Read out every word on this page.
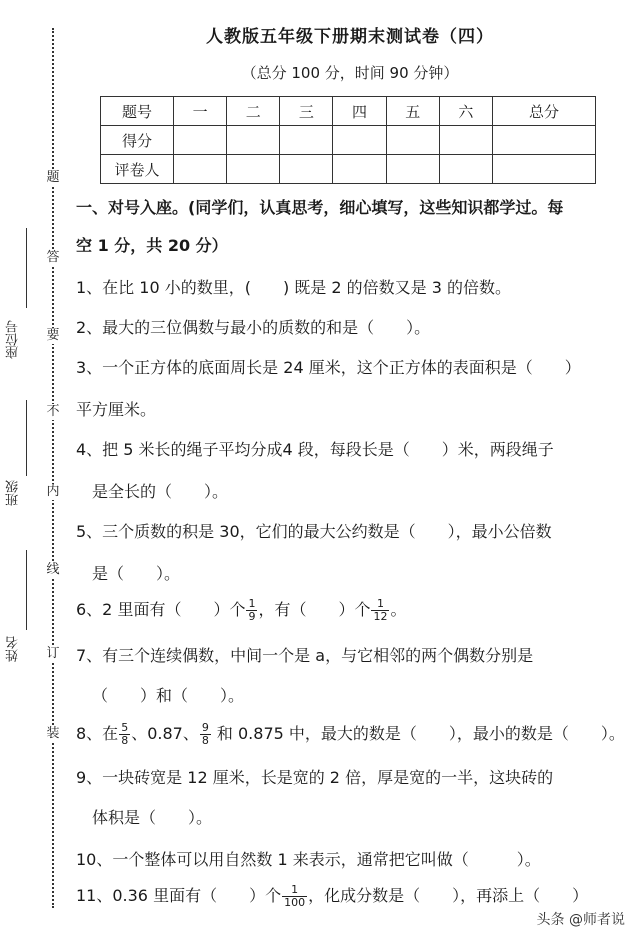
题
答
要
不
内
线
订
装
座位号
班级
姓名
人教版五年级下册期末测试卷（四）
（总分 100 分，时间 90 分钟）
题号	一	二	三	四	五	六	总分
得分							
评卷人							
一、对号入座。(同学们，认真思考，细心填写，这些知识都学过。每
空 1 分，共 20 分）
1、在比 10 小的数里，(　　) 既是 2 的倍数又是 3 的倍数。
2、最大的三位偶数与最小的质数的和是（　　）。
3、一个正方体的底面周长是 24 厘米，这个正方体的表面积是（　　）
平方厘米。
4、把 5 米长的绳子平均分成4 段，每段长是（　　）米，两段绳子
是全长的（　　）。
5、三个质数的积是 30，它们的最大公约数是（　　），最小公倍数
是（　　）。
6、2 里面有（　　）个 $\frac{1}{9}$ ，有（　　）个 $\frac{1}{12}$ 。
7、有三个连续偶数，中间一个是 a，与它相邻的两个偶数分别是
（　　）和（　　）。
8、在 $\frac{5}{8}$ 、0.87、 $\frac{9}{8}$ 和 0.875 中，最大的数是（　　），最小的数是（　　）。
9、一块砖宽是 12 厘米，长是宽的 2 倍，厚是宽的一半，这块砖的
体积是（　　）。
10、一个整体可以用自然数 1 来表示，通常把它叫做（　　　）。
11、0.36 里面有（　　）个 $\frac{1}{100}$ ，化成分数是（　　），再添上（　　）
头条 @师者说
